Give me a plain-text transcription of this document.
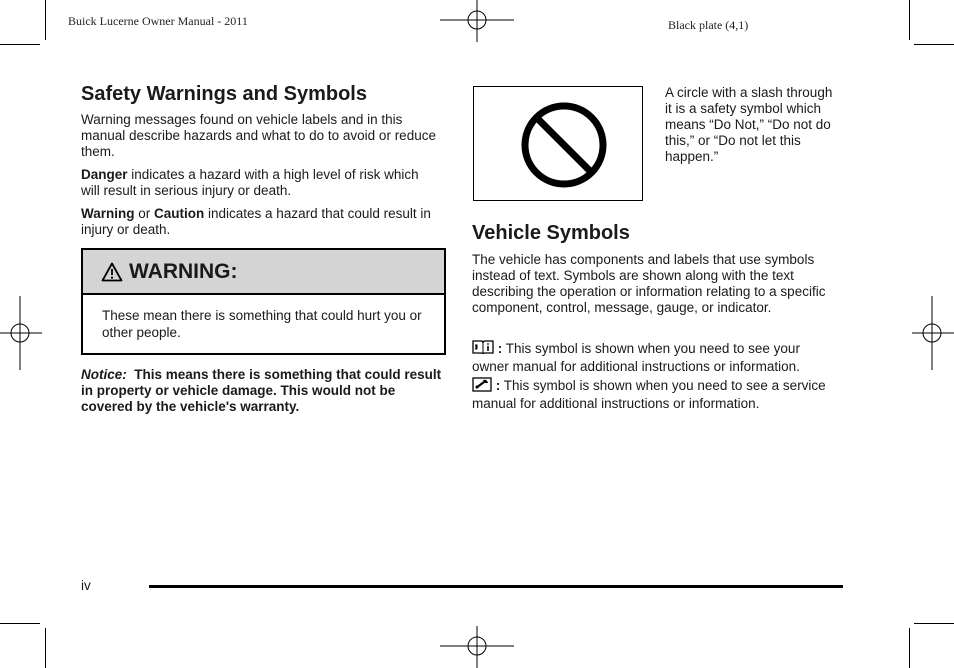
Buick Lucerne Owner Manual - 2011	Black plate (4,1)
Safety Warnings and Symbols

Warning messages found on vehicle labels and in this manual describe hazards and what to do to avoid or reduce them.

Danger indicates a hazard with a high level of risk which will result in serious injury or death.

Warning or Caution indicates a hazard that could result in injury or death.

WARNING:
These mean there is something that could hurt you or other people.

Notice: This means there is something that could result in property or vehicle damage. This would not be covered by the vehicle's warranty.

A circle with a slash through it is a safety symbol which means “Do Not,” “Do not do this,” or “Do not let this happen.”

Vehicle Symbols

The vehicle has components and labels that use symbols instead of text. Symbols are shown along with the text describing the operation or information relating to a specific component, control, message, gauge, or indicator.

: This symbol is shown when you need to see your owner manual for additional instructions or information.

: This symbol is shown when you need to see a service manual for additional instructions or information.

iv
